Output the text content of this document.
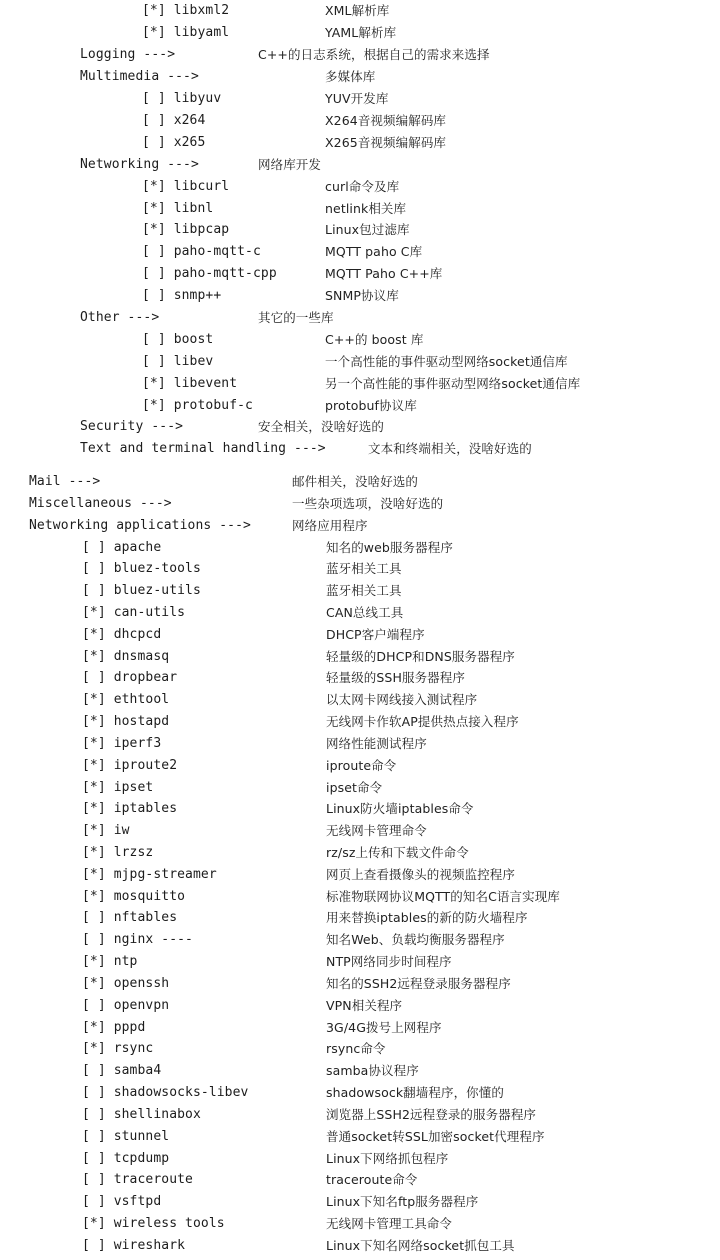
[*] libxml2	XML解析库
[*] libyaml	YAML解析库
Logging --->	C++的日志系统，根据自己的需求来选择
Multimedia --->	多媒体库
[ ] libyuv	YUV开发库
[ ] x264	X264音视频编解码库
[ ] x265	X265音视频编解码库
Networking --->	网络库开发
[*] libcurl	curl命令及库
[*] libnl	netlink相关库
[*] libpcap	Linux包过滤库
[ ] paho-mqtt-c	MQTT paho C库
[ ] paho-mqtt-cpp	MQTT Paho C++库
[ ] snmp++	SNMP协议库
Other --->	其它的一些库
[ ] boost	C++的 boost 库
[ ] libev	一个高性能的事件驱动型网络socket通信库
[*] libevent	另一个高性能的事件驱动型网络socket通信库
[*] protobuf-c	protobuf协议库
Security --->	安全相关，没啥好选的
Text and terminal handling --->	文本和终端相关，没啥好选的
Mail --->	邮件相关，没啥好选的
Miscellaneous --->	一些杂项选项，没啥好选的
Networking applications --->	网络应用程序
[ ] apache	知名的web服务器程序
[ ] bluez-tools	蓝牙相关工具
[ ] bluez-utils	蓝牙相关工具
[*] can-utils	CAN总线工具
[*] dhcpcd	DHCP客户端程序
[*] dnsmasq	轻量级的DHCP和DNS服务器程序
[ ] dropbear	轻量级的SSH服务器程序
[*] ethtool	以太网卡网线接入测试程序
[*] hostapd	无线网卡作软AP提供热点接入程序
[*] iperf3	网络性能测试程序
[*] iproute2	iproute命令
[*] ipset	ipset命令
[*] iptables	Linux防火墙iptables命令
[*] iw	无线网卡管理命令
[*] lrzsz	rz/sz上传和下载文件命令
[*] mjpg-streamer	网页上查看摄像头的视频监控程序
[*] mosquitto	标准物联网协议MQTT的知名C语言实现库
[ ] nftables	用来替换iptables的新的防火墙程序
[ ] nginx ----	知名Web、负载均衡服务器程序
[*] ntp	NTP网络同步时间程序
[*] openssh	知名的SSH2远程登录服务器程序
[ ] openvpn	VPN相关程序
[*] pppd	3G/4G拨号上网程序
[*] rsync	rsync命令
[ ] samba4	samba协议程序
[ ] shadowsocks-libev	shadowsock翻墙程序，你懂的
[ ] shellinabox	浏览器上SSH2远程登录的服务器程序
[ ] stunnel	普通socket转SSL加密socket代理程序
[ ] tcpdump	Linux下网络抓包程序
[ ] traceroute	traceroute命令
[ ] vsftpd	Linux下知名ftp服务器程序
[*] wireless tools	无线网卡管理工具命令
[ ] wireshark	Linux下知名网络socket抓包工具
